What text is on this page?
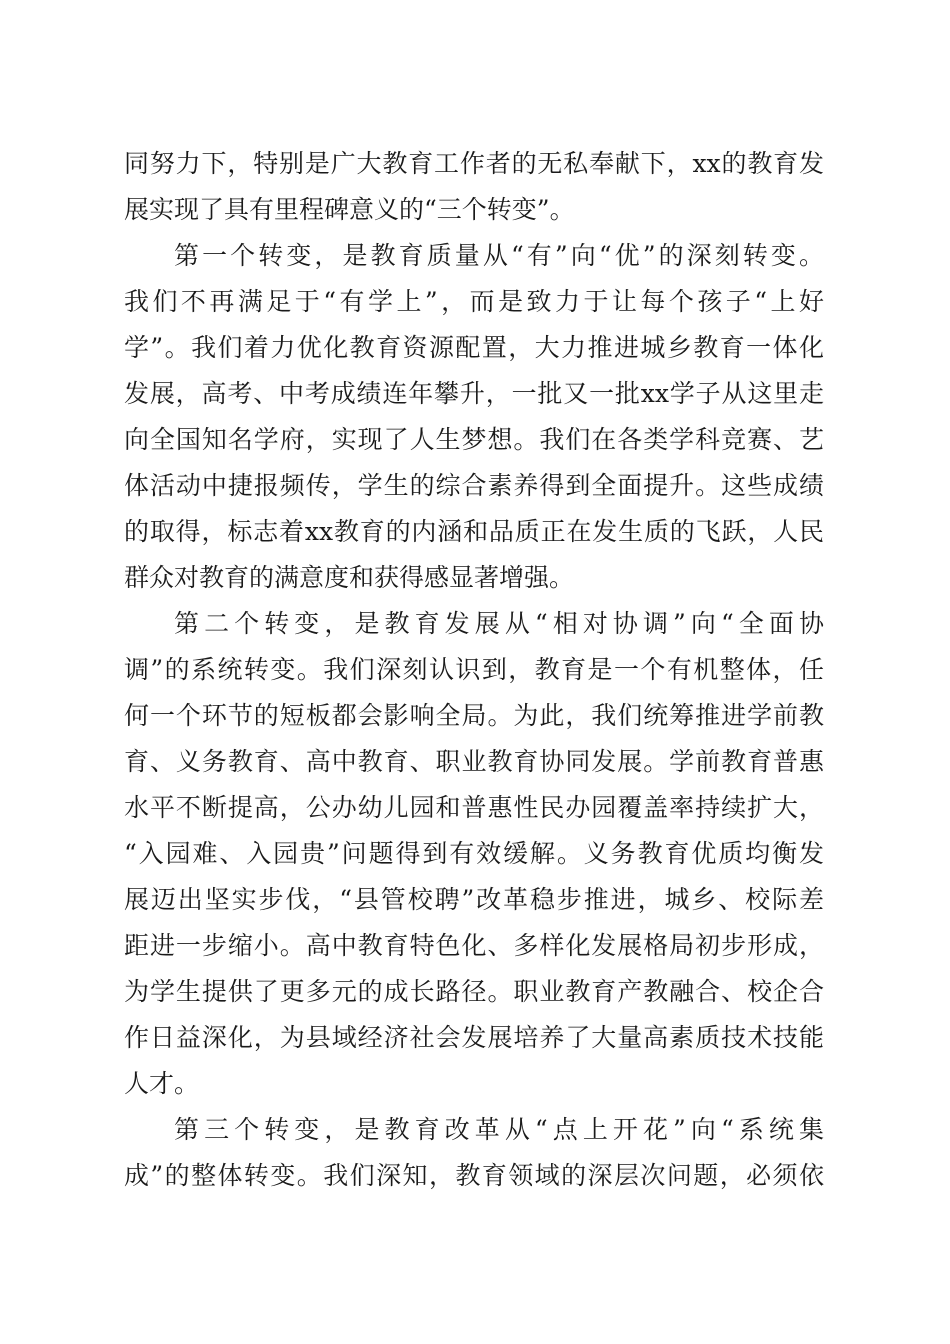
同努力下，特别是广大教育工作者的无私奉献下，xx的教育发
展实现了具有里程碑意义的“三个转变”。
第一个转变，是教育质量从“有”向“优”的深刻转变。
我们不再满足于“有学上”，而是致力于让每个孩子“上好
学”。我们着力优化教育资源配置，大力推进城乡教育一体化
发展，高考、中考成绩连年攀升，一批又一批xx学子从这里走
向全国知名学府，实现了人生梦想。我们在各类学科竞赛、艺
体活动中捷报频传，学生的综合素养得到全面提升。这些成绩
的取得，标志着xx教育的内涵和品质正在发生质的飞跃，人民
群众对教育的满意度和获得感显著增强。
第二个转变，是教育发展从“相对协调”向“全面协
调”的系统转变。我们深刻认识到，教育是一个有机整体，任
何一个环节的短板都会影响全局。为此，我们统筹推进学前教
育、义务教育、高中教育、职业教育协同发展。学前教育普惠
水平不断提高，公办幼儿园和普惠性民办园覆盖率持续扩大，
“入园难、入园贵”问题得到有效缓解。义务教育优质均衡发
展迈出坚实步伐，“县管校聘”改革稳步推进，城乡、校际差
距进一步缩小。高中教育特色化、多样化发展格局初步形成，
为学生提供了更多元的成长路径。职业教育产教融合、校企合
作日益深化，为县域经济社会发展培养了大量高素质技术技能
人才。
第三个转变，是教育改革从“点上开花”向“系统集
成”的整体转变。我们深知，教育领域的深层次问题，必须依
